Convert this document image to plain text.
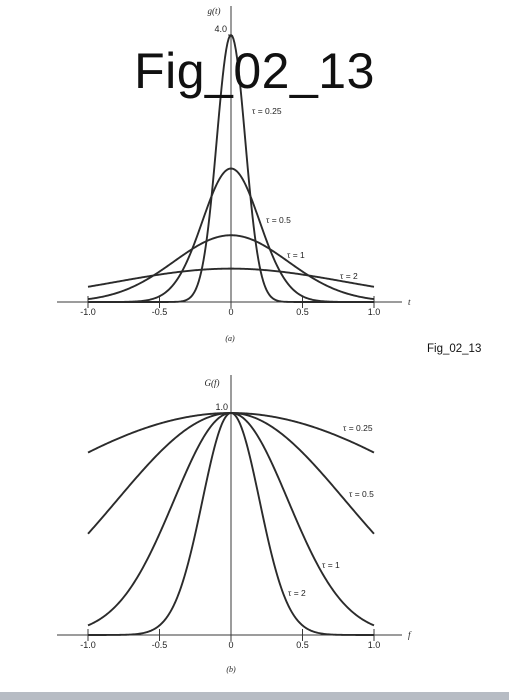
-1.0	-0.5	0	0.5	1.0
4.0
g(t)
t
(a)
τ = 0.25
τ = 0.5
τ = 1
τ = 2
-1.0	-0.5	0	0.5	1.0
1.0
G(f)
f
(b)
τ = 0.25
τ = 0.5
τ = 1
τ = 2
Fig_02_13
Fig_02_13
